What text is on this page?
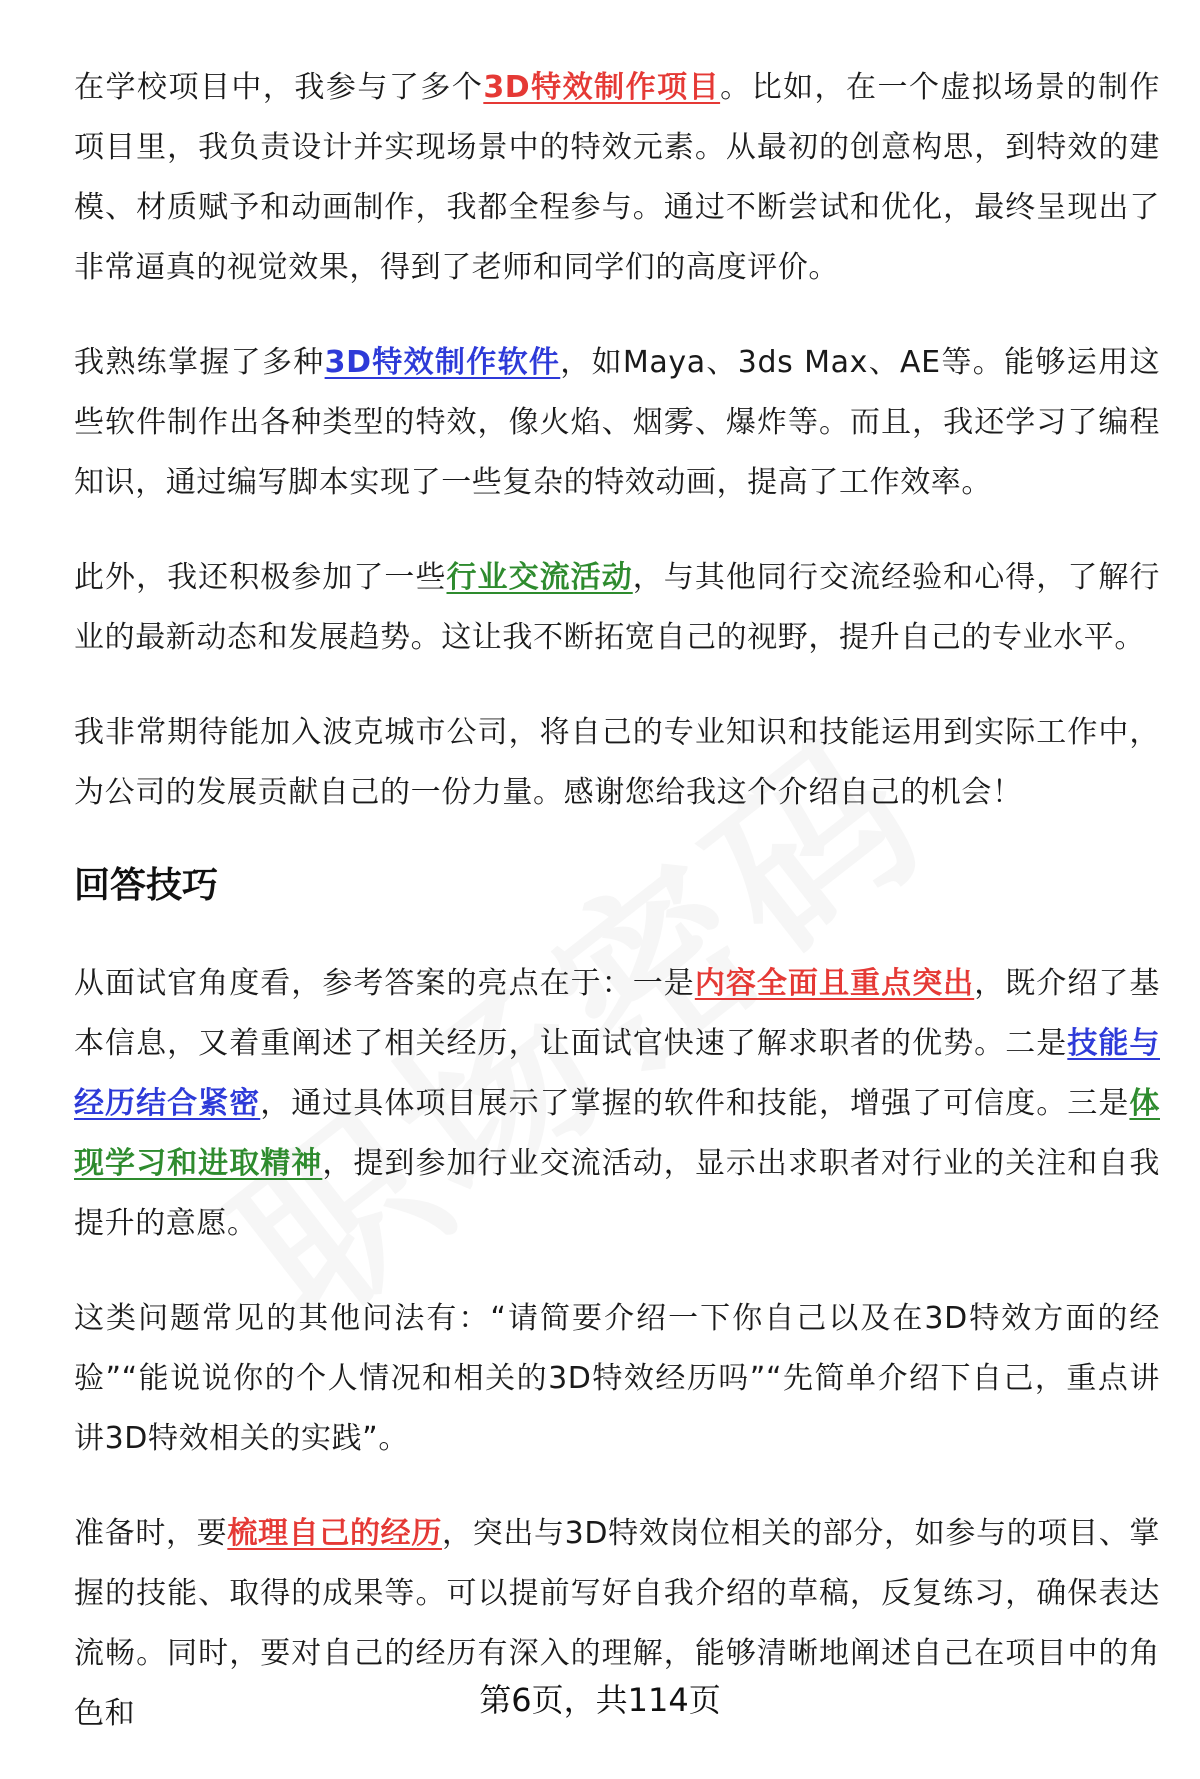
在学校项目中，我参与了多个3D特效制作项目。比如，在一个虚拟场景的制作项目里，我负责设计并实现场景中的特效元素。从最初的创意构思，到特效的建模、材质赋予和动画制作，我都全程参与。通过不断尝试和优化，最终呈现出了非常逼真的视觉效果，得到了老师和同学们的高度评价。

我熟练掌握了多种3D特效制作软件，如Maya、3ds Max、AE等。能够运用这些软件制作出各种类型的特效，像火焰、烟雾、爆炸等。而且，我还学习了编程知识，通过编写脚本实现了一些复杂的特效动画，提高了工作效率。

此外，我还积极参加了一些行业交流活动，与其他同行交流经验和心得，了解行业的最新动态和发展趋势。这让我不断拓宽自己的视野，提升自己的专业水平。

我非常期待能加入波克城市公司，将自己的专业知识和技能运用到实际工作中，为公司的发展贡献自己的一份力量。感谢您给我这个介绍自己的机会！

回答技巧

从面试官角度看，参考答案的亮点在于：一是内容全面且重点突出，既介绍了基本信息，又着重阐述了相关经历，让面试官快速了解求职者的优势。二是技能与经历结合紧密，通过具体项目展示了掌握的软件和技能，增强了可信度。三是体现学习和进取精神，提到参加行业交流活动，显示出求职者对行业的关注和自我提升的意愿。

这类问题常见的其他问法有：“请简要介绍一下你自己以及在3D特效方面的经验”“能说说你的个人情况和相关的3D特效经历吗”“先简单介绍下自己，重点讲讲3D特效相关的实践”。

准备时，要梳理自己的经历，突出与3D特效岗位相关的部分，如参与的项目、掌握的技能、取得的成果等。可以提前写好自我介绍的草稿，反复练习，确保表达流畅。同时，要对自己的经历有深入的理解，能够清晰地阐述自己在项目中的角色和	第6页，共114页
